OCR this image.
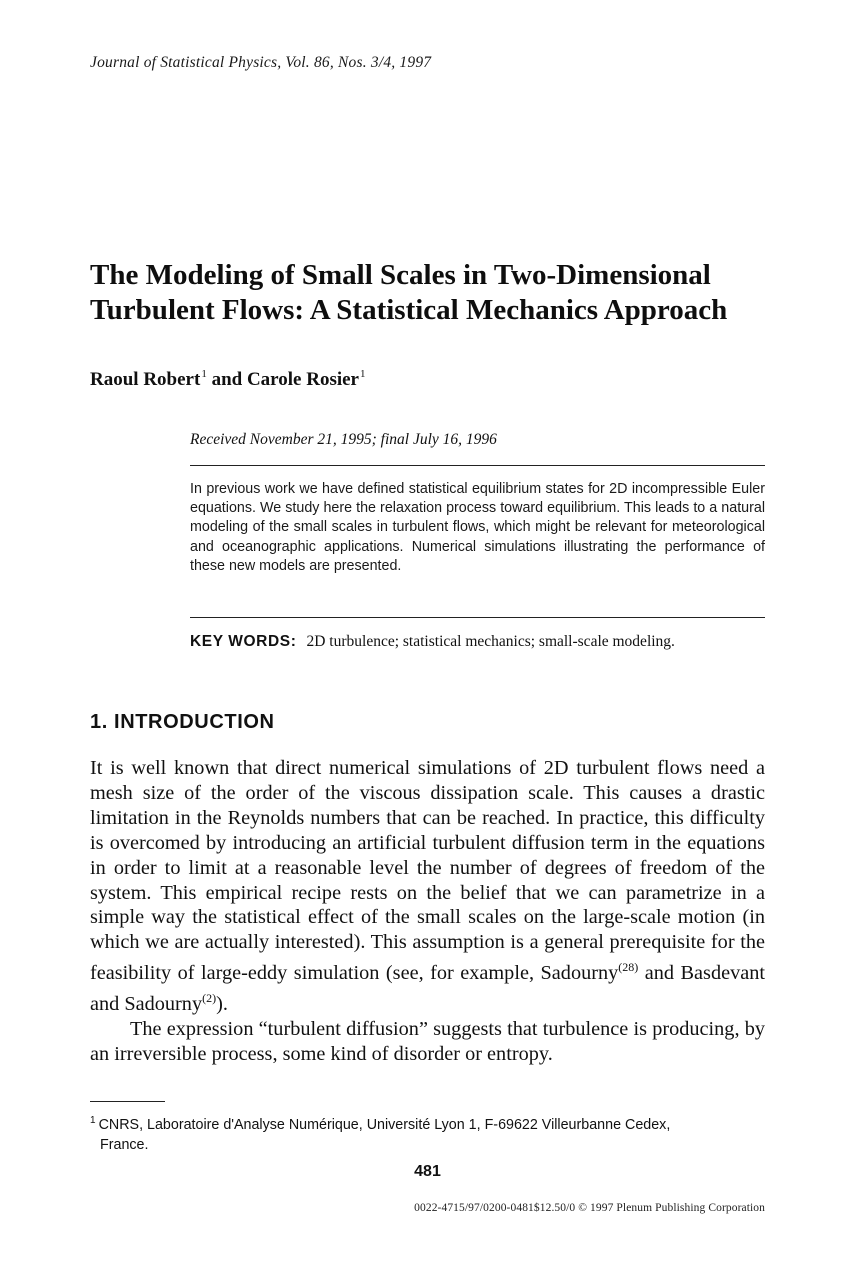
Journal of Statistical Physics, Vol. 86, Nos. 3/4, 1997
The Modeling of Small Scales in Two-Dimensional
Turbulent Flows: A Statistical Mechanics Approach
Raoul Robert$^1$ and Carole Rosier$^1$
Received November 21, 1995; final July 16, 1996
In previous work we have defined statistical equilibrium states for 2D incompressible Euler equations. We study here the relaxation process toward equilibrium. This leads to a natural modeling of the small scales in turbulent flows, which might be relevant for meteorological and oceanographic applications. Numerical simulations illustrating the performance of these new models are presented.
KEY WORDS: 2D turbulence; statistical mechanics; small-scale modeling.
1. INTRODUCTION

It is well known that direct numerical simulations of 2D turbulent flows need a mesh size of the order of the viscous dissipation scale. This causes a drastic limitation in the Reynolds numbers that can be reached. In practice, this difficulty is overcomed by introducing an artificial turbulent diffusion term in the equations in order to limit at a reasonable level the number of degrees of freedom of the system. This empirical recipe rests on the belief that we can parametrize in a simple way the statistical effect of the small scales on the large-scale motion (in which we are actually interested). This assumption is a general prerequisite for the feasibility of large-eddy simulation (see, for example, Sadourny$^{(28)}$ and Basdevant and Sadourny$^{(2)}$).

The expression “turbulent diffusion” suggests that turbulence is producing, by an irreversible process, some kind of disorder or entropy.

$^1$ CNRS, Laboratoire d'Analyse Numérique, Université Lyon 1, F-69622 Villeurbanne Cedex,
France.
481
0022-4715/97/0200-0481$12.50/0 © 1997 Plenum Publishing Corporation
